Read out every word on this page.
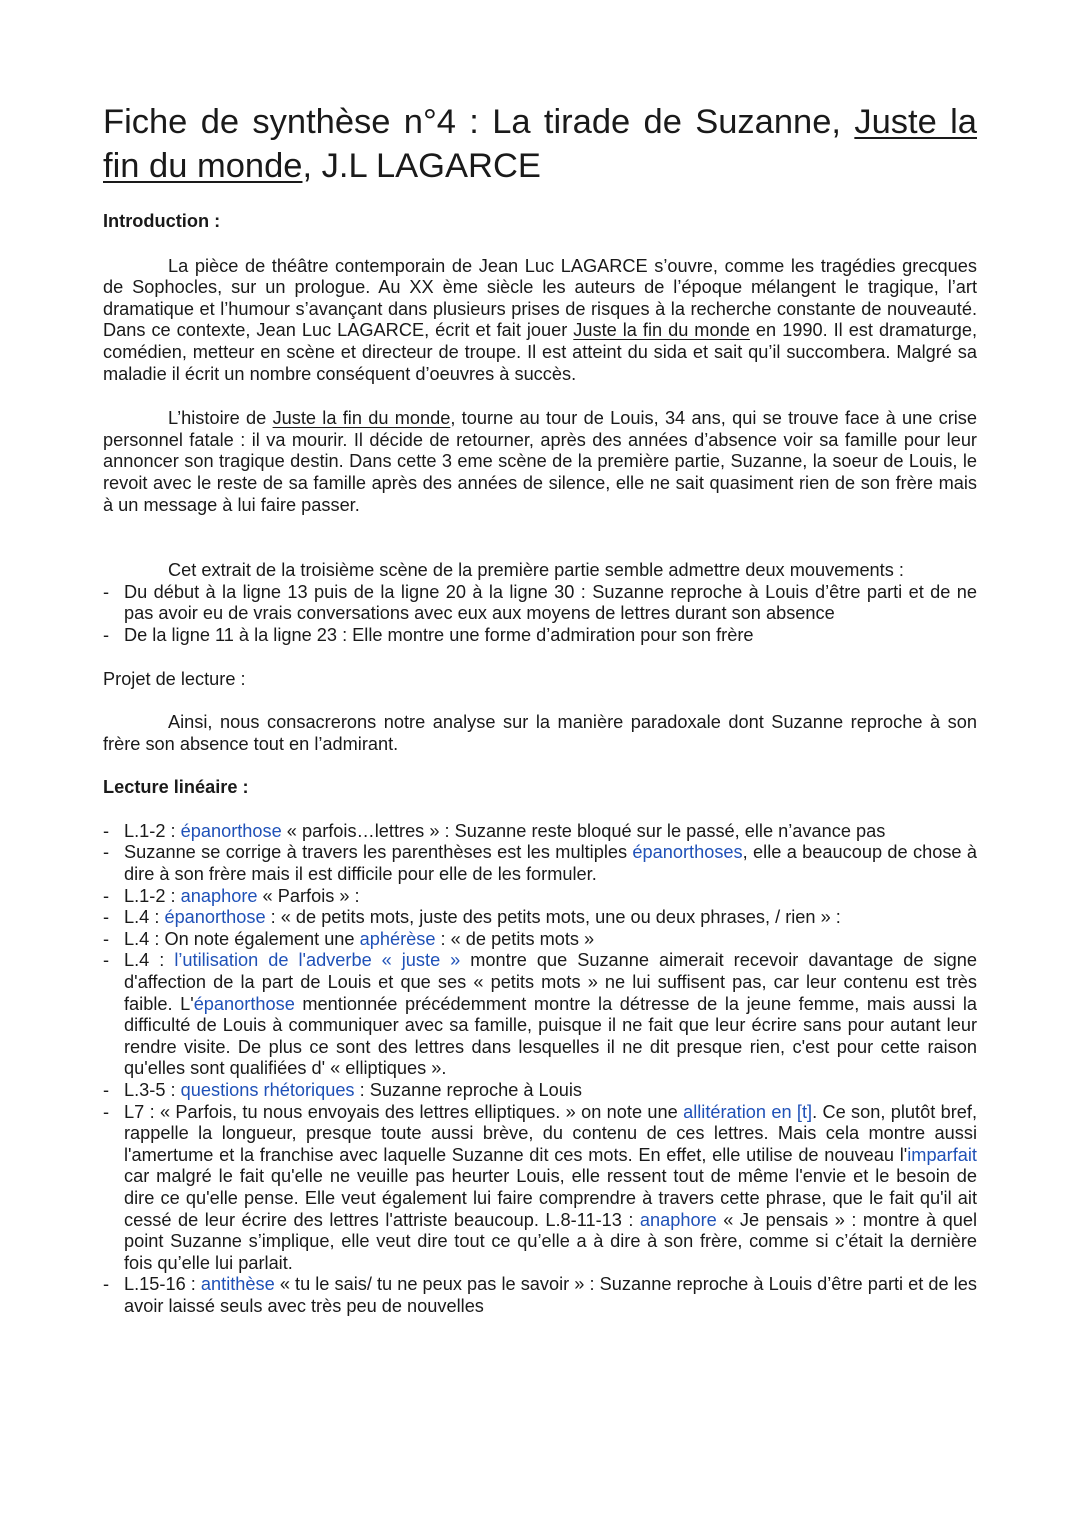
Fiche de synthèse n°4 : La tirade de Suzanne, Juste la fin du monde, J.L LAGARCE

Introduction :

La pièce de théâtre contemporain de Jean Luc LAGARCE s’ouvre, comme les tragédies grecques de Sophocles, sur un prologue. Au XX ème siècle les auteurs de l’époque mélangent le tragique, l’art dramatique et l’humour s’avançant dans plusieurs prises de risques à la recherche constante de nouveauté. Dans ce contexte, Jean Luc LAGARCE, écrit et fait jouer Juste la fin du monde en 1990. Il est dramaturge, comédien, metteur en scène et directeur de troupe. Il est atteint du sida et sait qu’il succombera. Malgré sa maladie il écrit un nombre conséquent d’oeuvres à succès.

L’histoire de Juste la fin du monde, tourne au tour de Louis, 34 ans, qui se trouve face à une crise personnel fatale : il va mourir. Il décide de retourner, après des années d’absence voir sa famille pour leur annoncer son tragique destin. Dans cette 3 eme scène de la première partie, Suzanne, la soeur de Louis, le revoit avec le reste de sa famille après des années de silence, elle ne sait quasiment rien de son frère mais à un message à lui faire passer.

Cet extrait de la troisième scène de la première partie semble admettre deux mouvements :

- Du début à la ligne 13 puis de la ligne 20 à la ligne 30 : Suzanne reproche à Louis d’être parti et de ne pas avoir eu de vrais conversations avec eux aux moyens de lettres durant son absence
- De la ligne 11 à la ligne 23 : Elle montre une forme d’admiration pour son frère

Projet de lecture :

Ainsi, nous consacrerons notre analyse sur la manière paradoxale dont Suzanne reproche à son frère son absence tout en l’admirant.

Lecture linéaire :

- L.1-2 : épanorthose « parfois…lettres » : Suzanne reste bloqué sur le passé, elle n’avance pas
- Suzanne se corrige à travers les parenthèses est les multiples épanorthoses, elle a beaucoup de chose à dire à son frère mais il est difficile pour elle de les formuler.
- L.1-2 : anaphore « Parfois » :
- L.4 : épanorthose : « de petits mots, juste des petits mots, une ou deux phrases, / rien » :
- L.4 : On note également une aphérèse : « de petits mots »
- L.4 : l’utilisation de l'adverbe « juste » montre que Suzanne aimerait recevoir davantage de signe d'affection de la part de Louis et que ses « petits mots » ne lui suffisent pas, car leur contenu est très faible. L'épanorthose mentionnée précédemment montre la détresse de la jeune femme, mais aussi la difficulté de Louis à communiquer avec sa famille, puisque il ne fait que leur écrire sans pour autant leur rendre visite. De plus ce sont des lettres dans lesquelles il ne dit presque rien, c'est pour cette raison qu'elles sont qualifiées d' « elliptiques ».
- L.3-5 : questions rhétoriques : Suzanne reproche à Louis
- L7 : « Parfois, tu nous envoyais des lettres elliptiques. » on note une allitération en [t]. Ce son, plutôt bref, rappelle la longueur, presque toute aussi brève, du contenu de ces lettres. Mais cela montre aussi l'amertume et la franchise avec laquelle Suzanne dit ces mots. En effet, elle utilise de nouveau l'imparfait car malgré le fait qu'elle ne veuille pas heurter Louis, elle ressent tout de même l'envie et le besoin de dire ce qu'elle pense. Elle veut également lui faire comprendre à travers cette phrase, que le fait qu'il ait cessé de leur écrire des lettres l'attriste beaucoup. L.8-11-13 : anaphore « Je pensais » : montre à quel point Suzanne s’implique, elle veut dire tout ce qu’elle a à dire à son frère, comme si c’était la dernière fois qu’elle lui parlait.
- L.15-16 : antithèse « tu le sais/ tu ne peux pas le savoir » : Suzanne reproche à Louis d’être parti et de les avoir laissé seuls avec très peu de nouvelles
